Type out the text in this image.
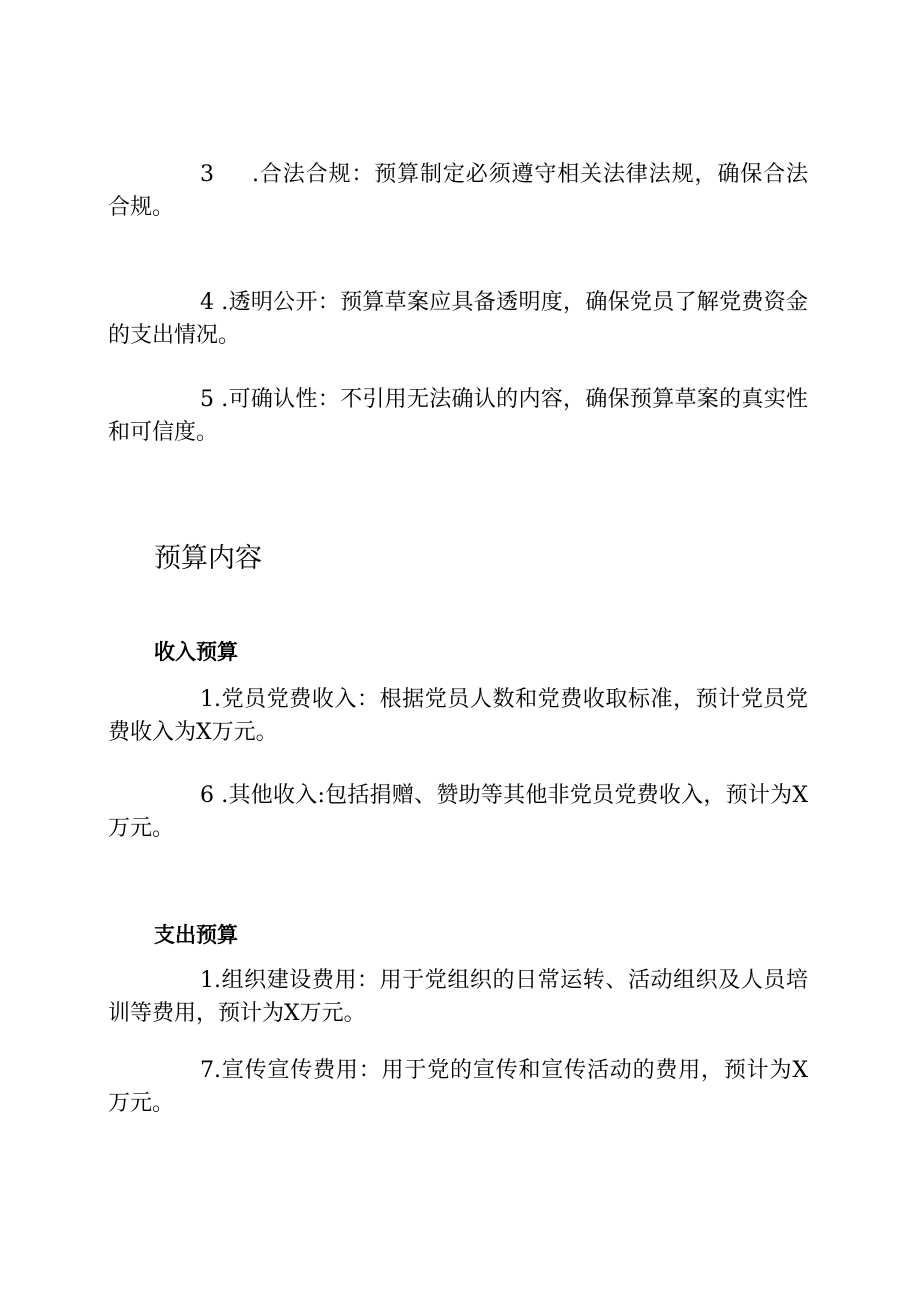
3 .合法合规：预算制定必须遵守相关法律法规，确保合法合规。

4 .透明公开：预算草案应具备透明度，确保党员了解党费资金的支出情况。

5 .可确认性：不引用无法确认的内容，确保预算草案的真实性和可信度。

预算内容
收入预算

1.党员党费收入：根据党员人数和党费收取标准，预计党员党费收入为X万元。

6 .其他收入:包括捐赠、赞助等其他非党员党费收入，预计为X万元。

支出预算

1.组织建设费用：用于党组织的日常运转、活动组织及人员培训等费用，预计为X万元。

7.宣传宣传费用：用于党的宣传和宣传活动的费用，预计为X万元。
